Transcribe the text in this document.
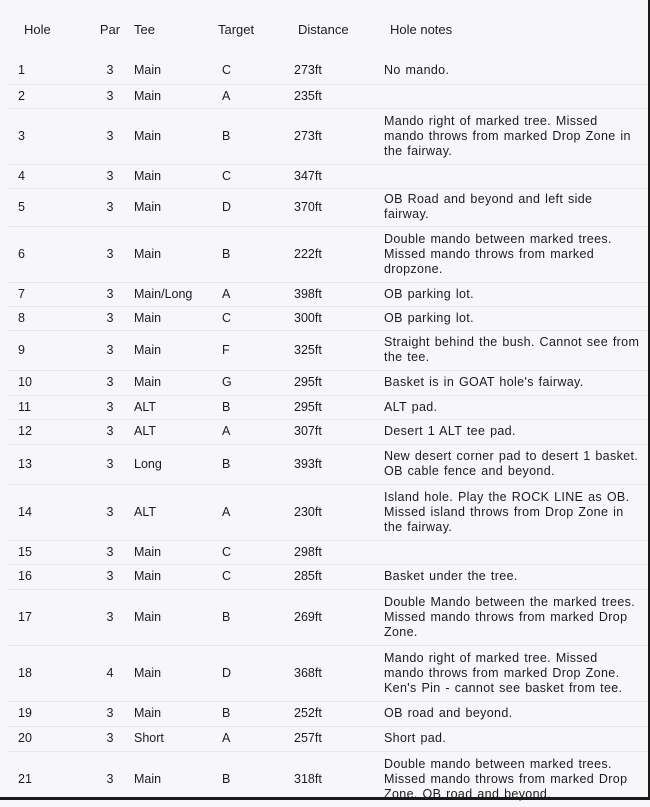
Hole	Par	Tee	Target	Distance	Hole notes
1	3	Main	C	273ft	No mando.
2	3	Main	A	235ft	
3	3	Main	B	273ft	Mando right of marked tree. Missed mando throws from marked Drop Zone in the fairway.
4	3	Main	C	347ft	
5	3	Main	D	370ft	OB Road and beyond and left side fairway.
6	3	Main	B	222ft	Double mando between marked trees. Missed mando throws from marked dropzone.
7	3	Main/Long	A	398ft	OB parking lot.
8	3	Main	C	300ft	OB parking lot.
9	3	Main	F	325ft	Straight behind the bush. Cannot see from the tee.
10	3	Main	G	295ft	Basket is in GOAT hole's fairway.
11	3	ALT	B	295ft	ALT pad.
12	3	ALT	A	307ft	Desert 1 ALT tee pad.
13	3	Long	B	393ft	New desert corner pad to desert 1 basket. OB cable fence and beyond.
14	3	ALT	A	230ft	Island hole. Play the ROCK LINE as OB. Missed island throws from Drop Zone in the fairway.
15	3	Main	C	298ft	
16	3	Main	C	285ft	Basket under the tree.
17	3	Main	B	269ft	Double Mando between the marked trees. Missed mando throws from marked Drop Zone.
18	4	Main	D	368ft	Mando right of marked tree. Missed mando throws from marked Drop Zone. Ken's Pin - cannot see basket from tee.
19	3	Main	B	252ft	OB road and beyond.
20	3	Short	A	257ft	Short pad.
21	3	Main	B	318ft	Double mando between marked trees. Missed mando throws from marked Drop Zone. OB road and beyond.
